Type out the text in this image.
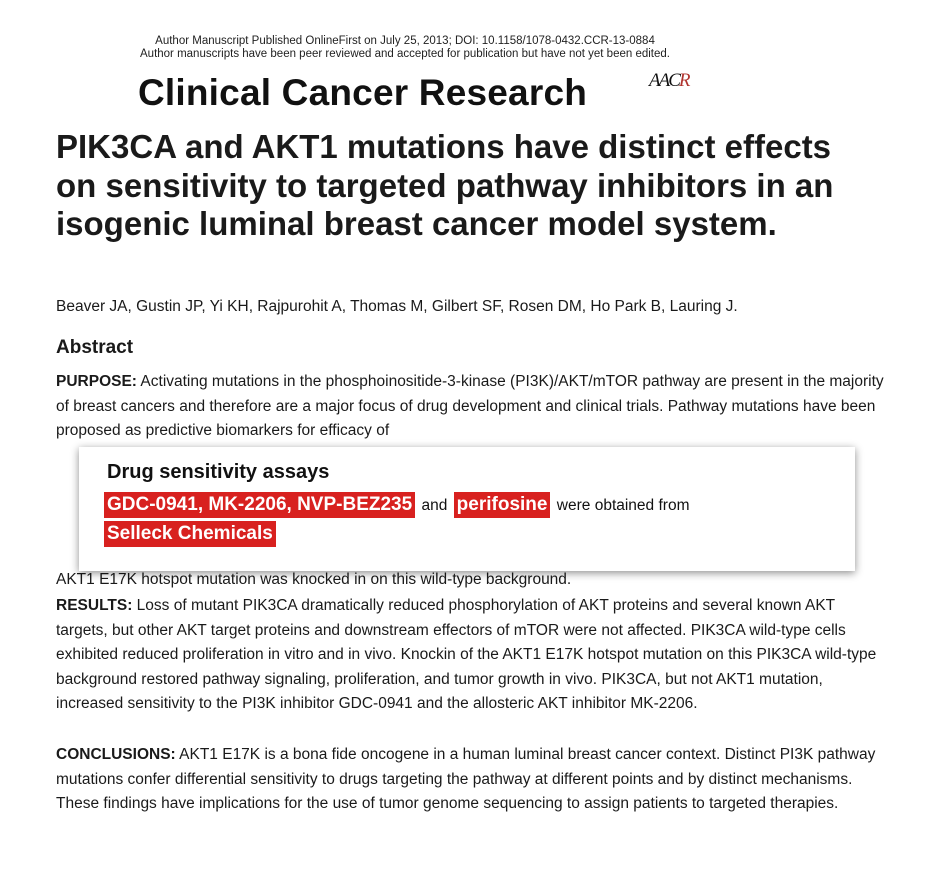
Author Manuscript Published OnlineFirst on July 25, 2013; DOI: 10.1158/1078-0432.CCR-13-0884
Author manuscripts have been peer reviewed and accepted for publication but have not yet been edited.
Clinical Cancer Research	AACR
PIK3CA and AKT1 mutations have distinct effects on sensitivity to targeted pathway inhibitors in an isogenic luminal breast cancer model system.
Beaver JA, Gustin JP, Yi KH, Rajpurohit A, Thomas M, Gilbert SF, Rosen DM, Ho Park B, Lauring J.
Abstract

PURPOSE: Activating mutations in the phosphoinositide-3-kinase (PI3K)/AKT/mTOR pathway are present in the majority of breast cancers and therefore are a major focus of drug development and clinical trials. Pathway mutations have been proposed as predictive biomarkers for efficacy of

AKT1 E17K hotspot mutation was knocked in on this wild-type background.

RESULTS: Loss of mutant PIK3CA dramatically reduced phosphorylation of AKT proteins and several known AKT targets, but other AKT target proteins and downstream effectors of mTOR were not affected. PIK3CA wild-type cells exhibited reduced proliferation in vitro and in vivo. Knockin of the AKT1 E17K hotspot mutation on this PIK3CA wild-type background restored pathway signaling, proliferation, and tumor growth in vivo. PIK3CA, but not AKT1 mutation, increased sensitivity to the PI3K inhibitor GDC-0941 and the allosteric AKT inhibitor MK-2206.

CONCLUSIONS: AKT1 E17K is a bona fide oncogene in a human luminal breast cancer context. Distinct PI3K pathway mutations confer differential sensitivity to drugs targeting the pathway at different points and by distinct mechanisms. These findings have implications for the use of tumor genome sequencing to assign patients to targeted therapies.

Drug sensitivity assays
GDC-0941, MK-2206, NVP-BEZ235 and perifosine were obtained from
Selleck Chemicals
